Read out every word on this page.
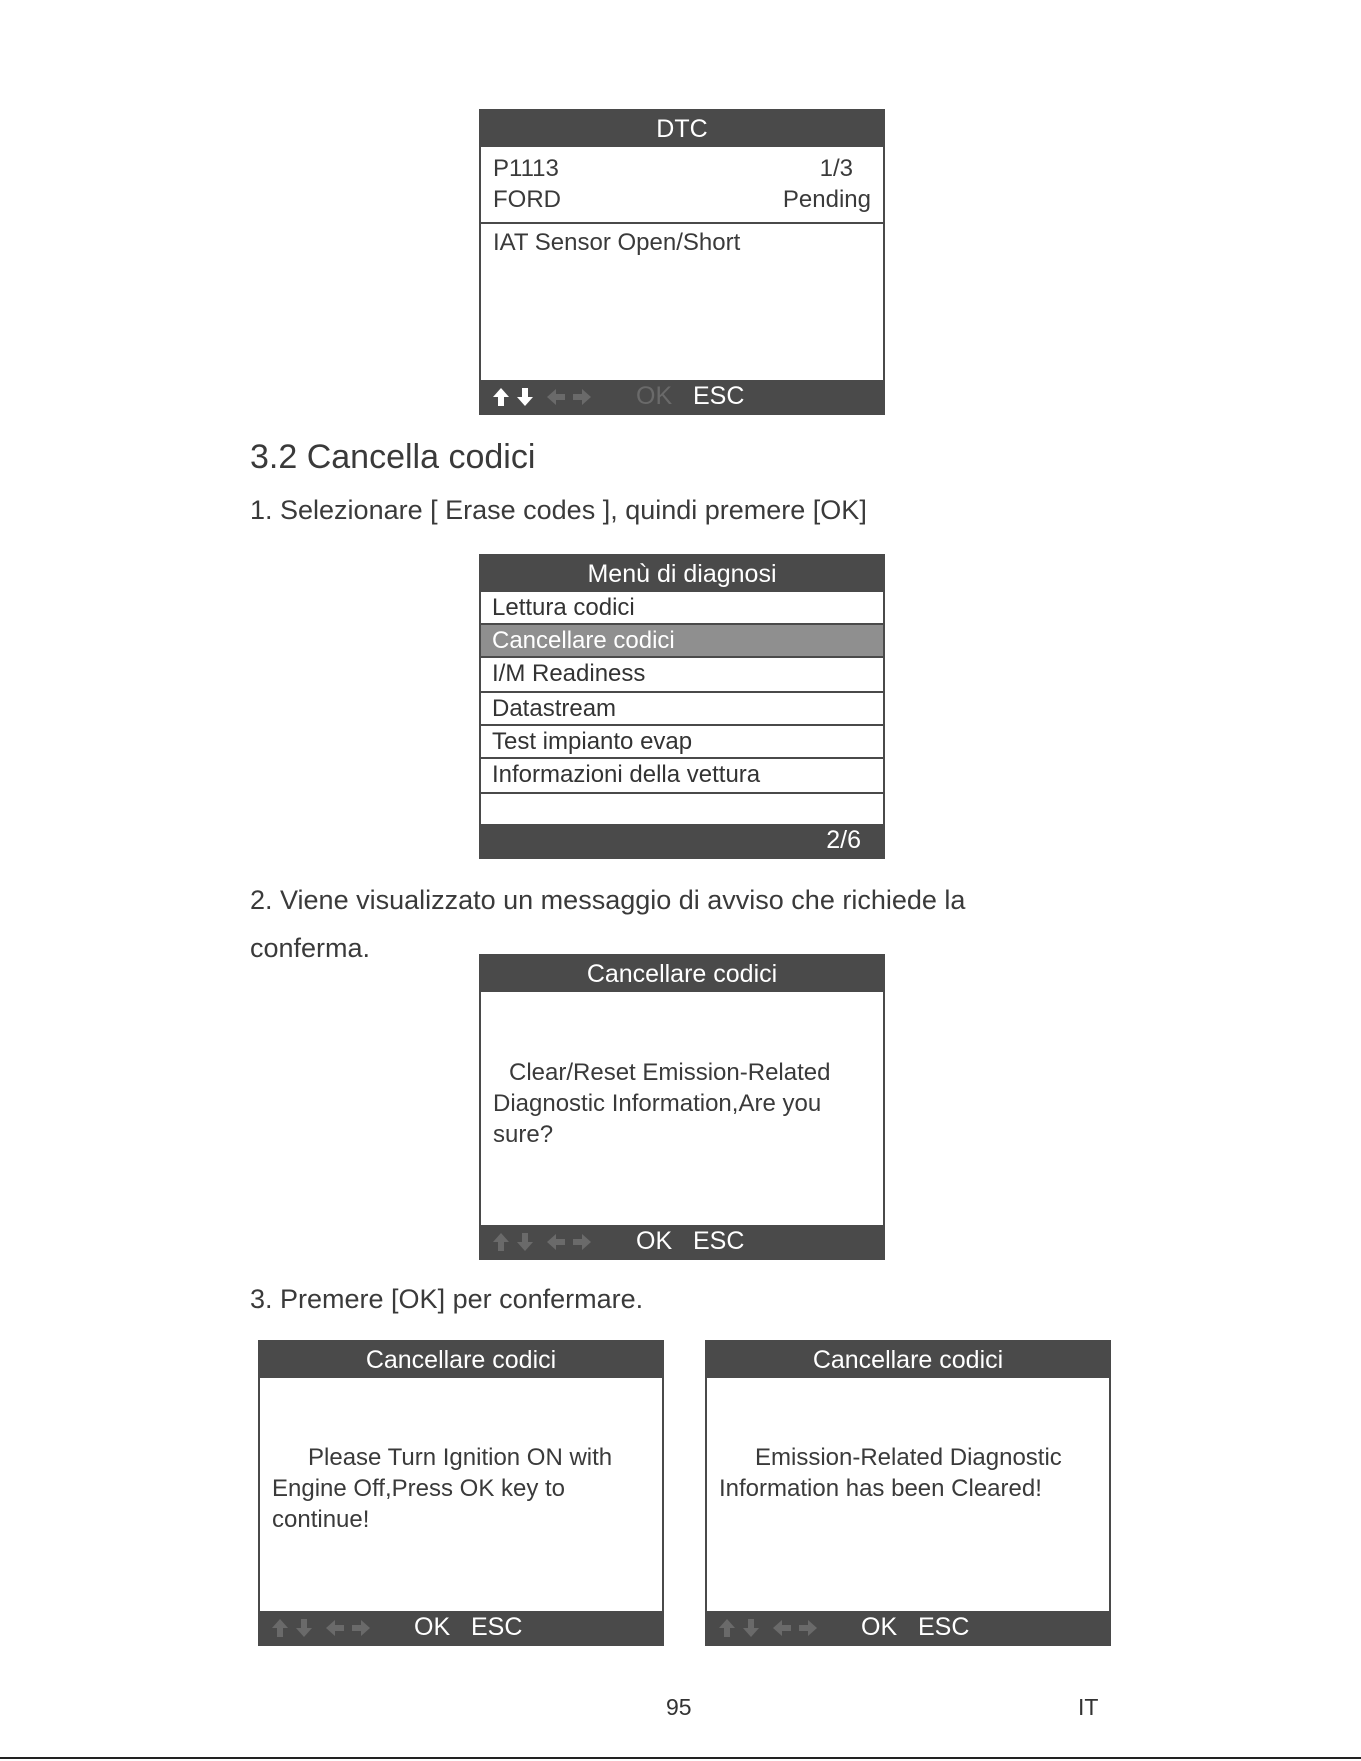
DTC
P1113	1/3
FORD	Pending
IAT Sensor Open/Short
OK ESC
3.2 Cancella codici
1. Selezionare [ Erase codes ], quindi premere [OK]
Menù di diagnosi
Lettura codici
Cancellare codici
I/M Readiness
Datastream
Test impianto evap
Informazioni della vettura
2/6
2. Viene visualizzato un messaggio di avviso che richiede la
conferma.
Cancellare codici
Clear/Reset Emission-Related
Diagnostic Information,Are you
sure?
OK ESC
3. Premere [OK] per confermare.
Cancellare codici
Please Turn Ignition ON with
Engine Off,Press OK key to
continue!
OK ESC
Cancellare codici
Emission-Related Diagnostic
Information has been Cleared!
OK ESC
95	IT
